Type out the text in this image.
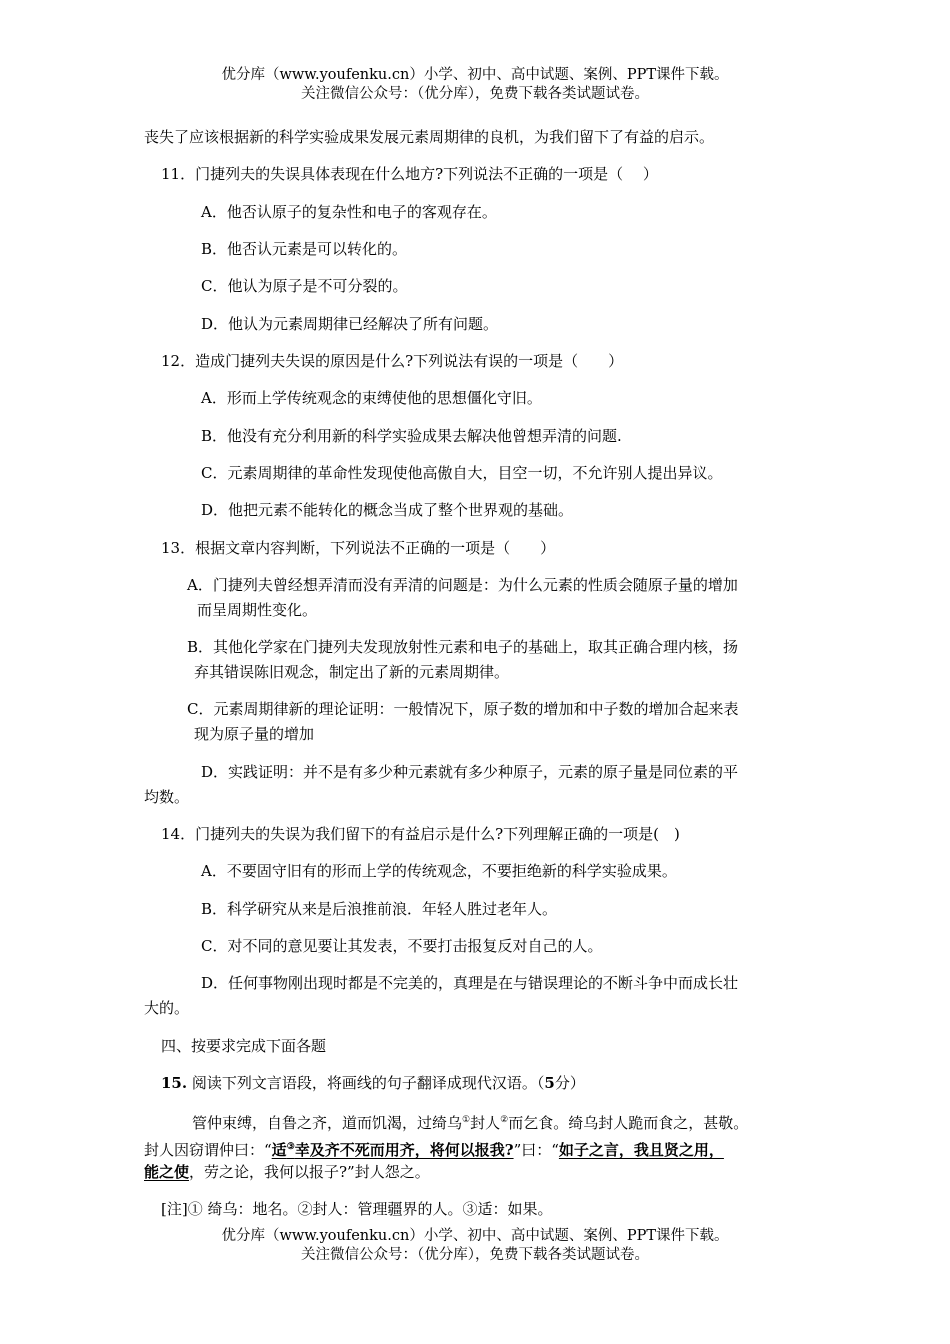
优分库（www.youfenku.cn）小学、初中、高中试题、案例、PPT课件下载。
关注微信公众号：（优分库），免费下载各类试题试卷。
丧失了应该根据新的科学实验成果发展元素周期律的良机，为我们留下了有益的启示。
11．门捷列夫的失误具体表现在什么地方?下列说法不正确的一项是（　 ）
A．他否认原子的复杂性和电子的客观存在。
B．他否认元素是可以转化的。
C．他认为原子是不可分裂的。
D．他认为元素周期律已经解决了所有问题。
12．造成门捷列夫失误的原因是什么?下列说法有误的一项是（　　）
A．形而上学传统观念的束缚使他的思想僵化守旧。
B．他没有充分利用新的科学实验成果去解决他曾想弄清的问题.
C．元素周期律的革命性发现使他高傲自大，目空一切，不允许别人提出异议。
D．他把元素不能转化的概念当成了整个世界观的基础。
13．根据文章内容判断，下列说法不正确的一项是（　　）
A．门捷列夫曾经想弄清而没有弄清的问题是：为什么元素的性质会随原子量的增加
而呈周期性变化。
B．其他化学家在门捷列夫发现放射性元素和电子的基础上，取其正确合理内核，扬
弃其错误陈旧观念，制定出了新的元素周期律。
C．元素周期律新的理论证明：一般情况下，原子数的增加和中子数的增加合起来表
现为原子量的增加
D．实践证明：并不是有多少种元素就有多少种原子，元素的原子量是同位素的平
均数。
14．门捷列夫的失误为我们留下的有益启示是什么?下列理解正确的一项是(　)
A．不要固守旧有的形而上学的传统观念，不要拒绝新的科学实验成果。
B．科学研究从来是后浪推前浪．年轻人胜过老年人。
C．对不同的意见要让其发表，不要打击报复反对自己的人。
D．任何事物刚出现时都是不完美的，真理是在与错误理论的不断斗争中而成长壮
大的。
四、按要求完成下面各题
15. 阅读下列文言语段，将画线的句子翻译成现代汉语。（5分）
管仲束缚，自鲁之齐，道而饥渴，过绮乌①封人②而乞食。绮乌封人跪而食之，甚敬。
封人因窃谓仲曰：“适③幸及齐不死而用齐，将何以报我?”曰：“如子之言，我且贤之用，
能之使，劳之论，我何以报子?”封人怨之。
[注]① 绮乌：地名。②封人：管理疆界的人。③适：如果。
优分库（www.youfenku.cn）小学、初中、高中试题、案例、PPT课件下载。
关注微信公众号：（优分库），免费下载各类试题试卷。
